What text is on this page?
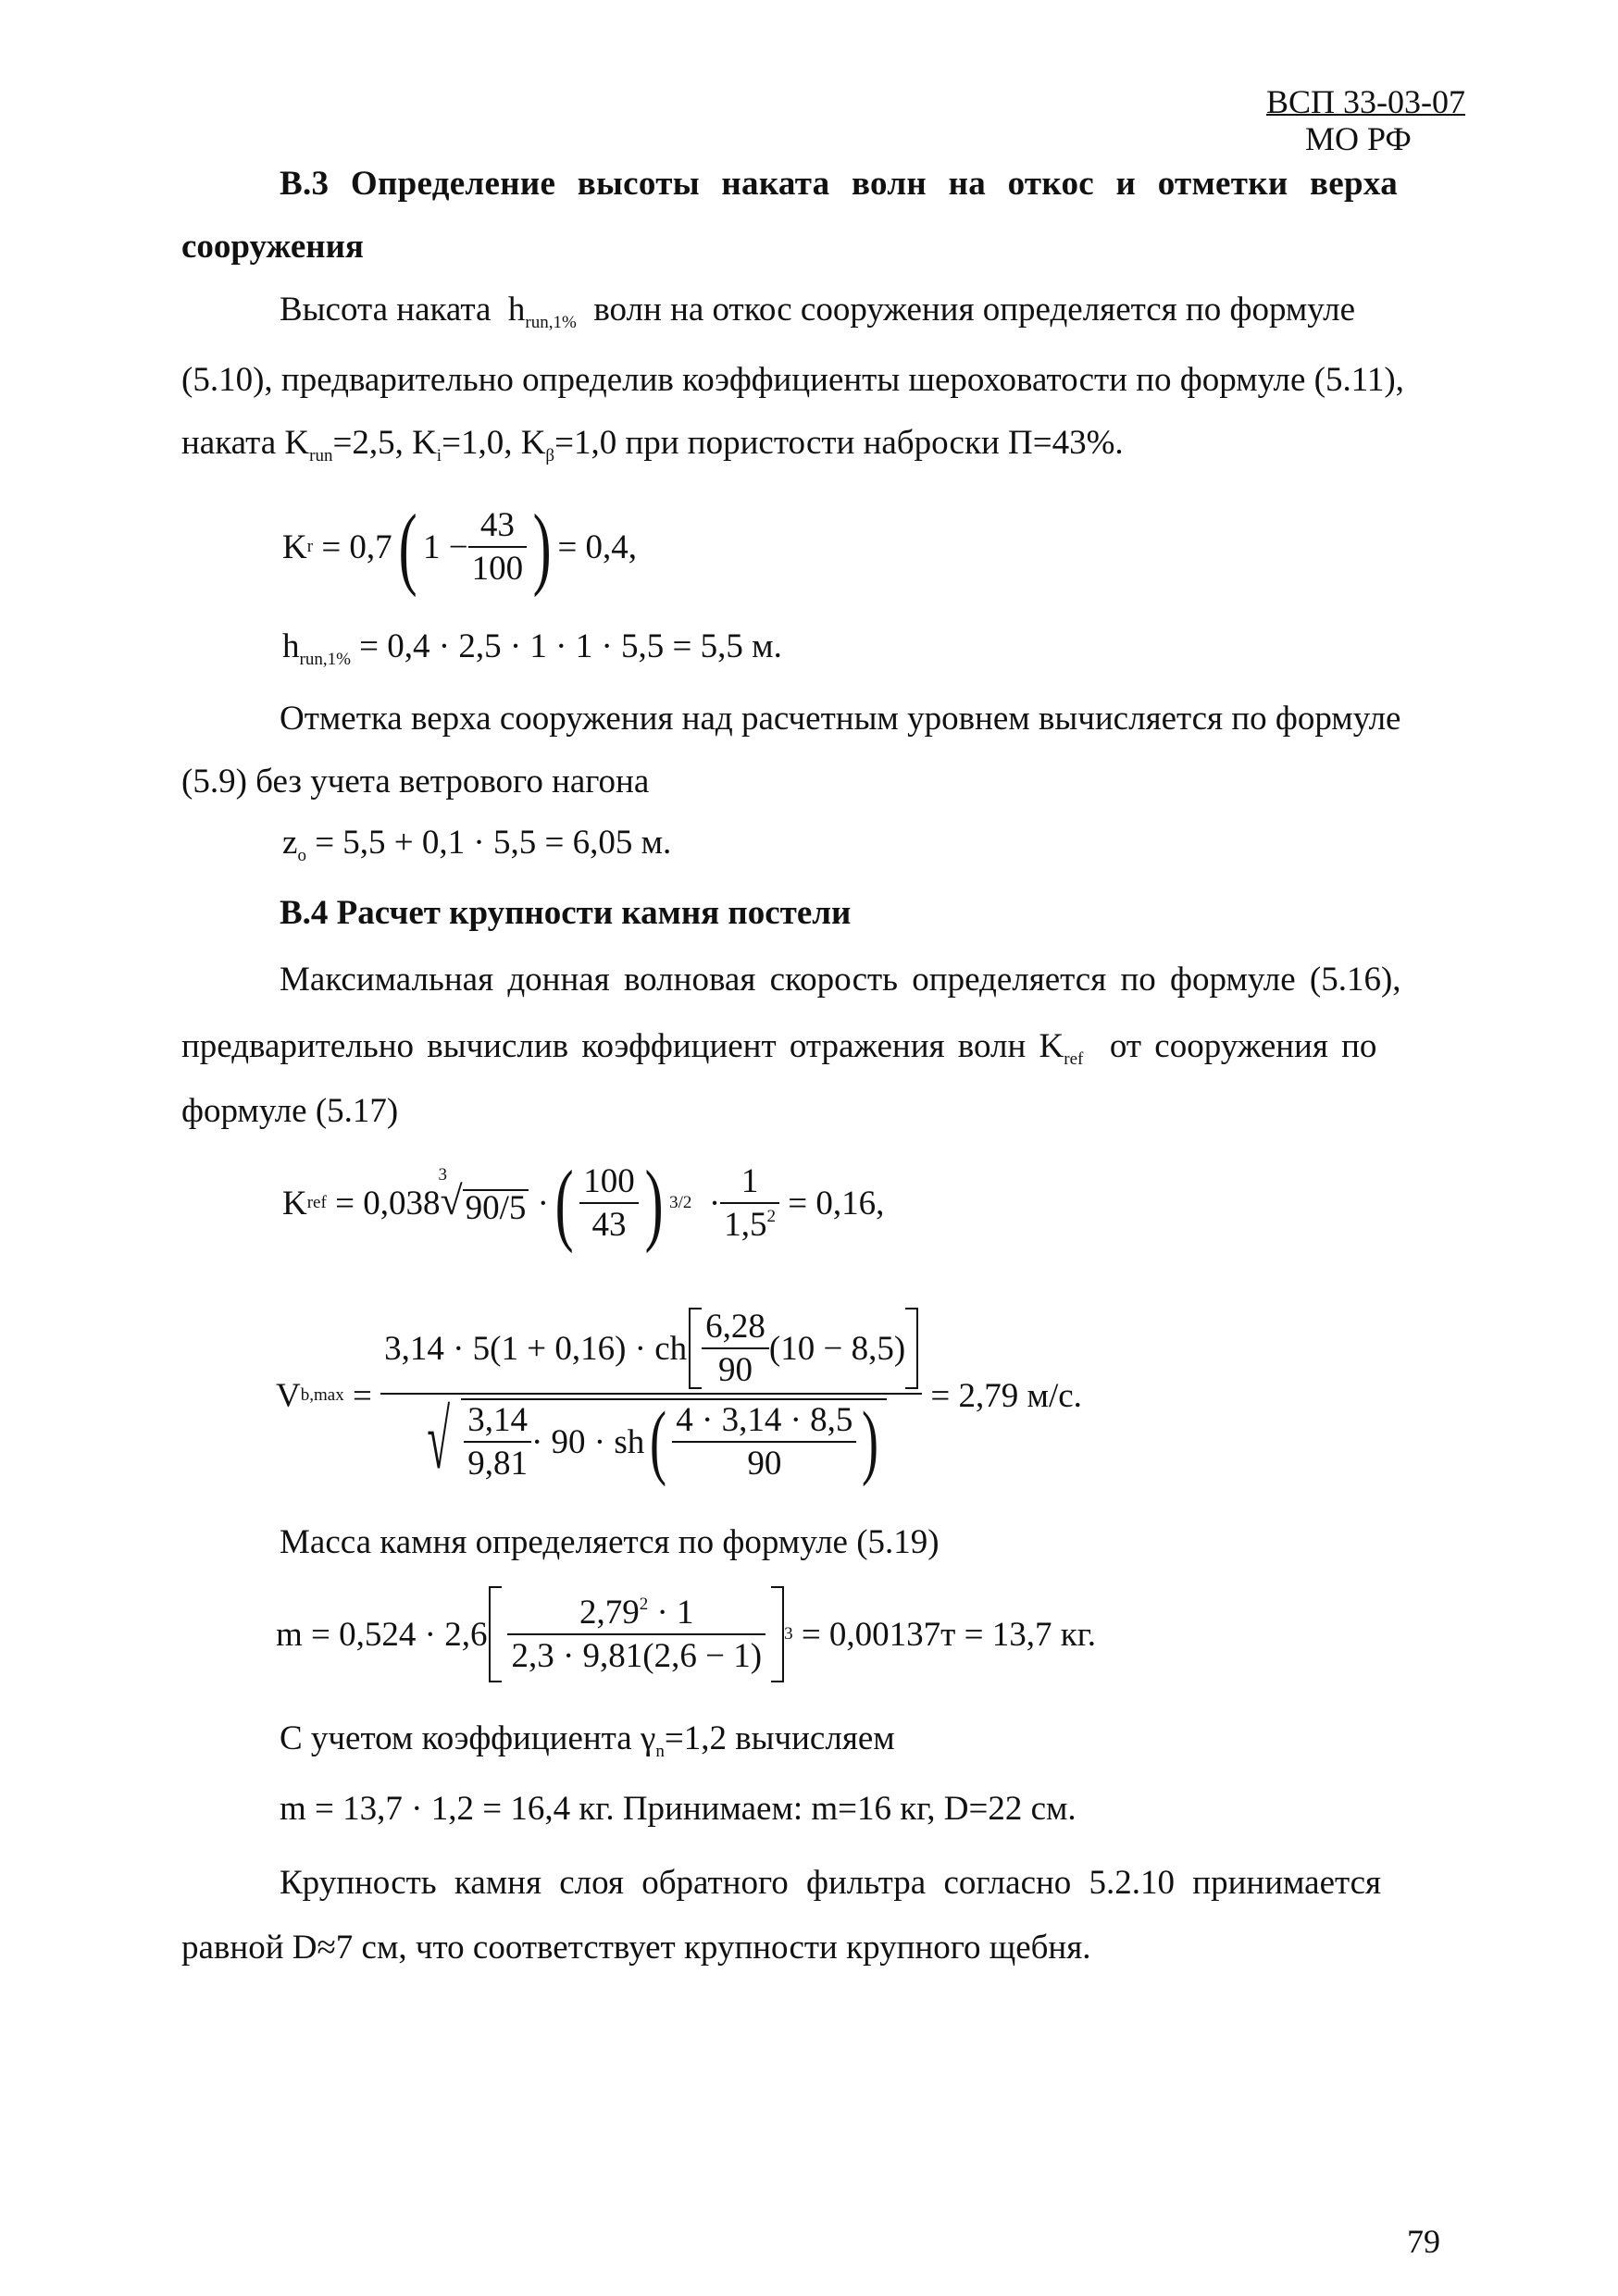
ВСП 33-03-07
МО РФ
В.3 Определение высоты наката волн на откос и отметки верха
сооружения
Высота наката $h_{run,1\%}$ волн на откос сооружения определяется по формуле
(5.10), предварительно определив коэффициенты шероховатости по формуле (5.11),
наката $K_{run}=2,5$, $K_i=1,0$, $K_\beta=1,0$ при пористости наброски П=43%.
K r
= 0,7 ( $1 - \frac{43}{100}$ ) = 0,4,
$h_{run,1\%} = 0,4 \cdot 2,5 \cdot 1 \cdot 1 \cdot 5,5 = 5,5$ м.
Отметка верха сооружения над расчетным уровнем вычисляется по формуле
(5.9) без учета ветрового нагона
$z_o = 5,5 + 0,1 \cdot 5,5 = 6,05$ м.
В.4 Расчет крупности камня постели
Максимальная донная волновая скорость определяется по формуле (5.16),
предварительно вычислив коэффициент отражения волн $K_{ref}$ от сооружения по
формуле (5.17)
K ref
= 0,038
3
√90/5
· ( $\frac{100}{43}$ ) 3/2
· $\frac{1}{1,5^2}$
= 0,16,
V b,max
=
$\frac{3,14 \cdot 5(1 + 0,16) \cdot ch \frac{6,28}{90} (10 - 8,5)}{√ \frac{3,14}{9,81} \cdot 90 \cdot sh ( \frac{4 \cdot 3,14 \cdot 8,5}{90} )}$
= 2,79 м/с.
Масса камня определяется по формуле (5.19)
$m = 0,524 \cdot 2,6 \frac{2,79^2 \cdot 1}{2,3 \cdot 9,81(2,6 - 1)} 3$
= 0,00137т = 13,7 кг.
С учетом коэффициента $\gamma_n=1,2$ вычисляем
m = 13,7 · 1,2 = 16,4 кг. Принимаем: m=16 кг, D=22 см.
Крупность камня слоя обратного фильтра согласно 5.2.10 принимается
равной D≈7 см, что соответствует крупности крупного щебня.
79
